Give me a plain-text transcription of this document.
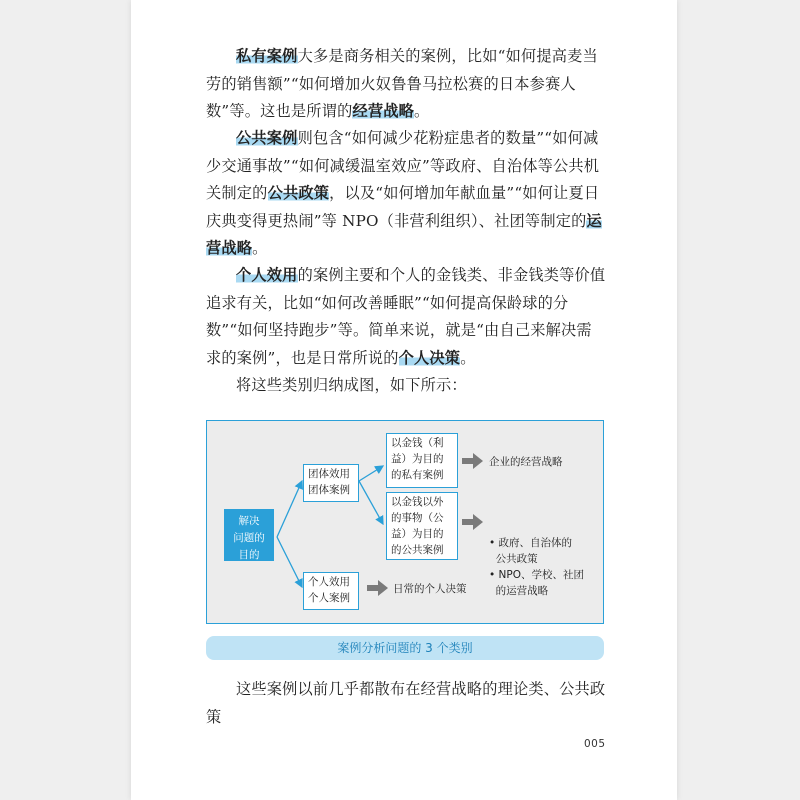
私有案例大多是商务相关的案例，比如“如何提高麦当劳的销售额”“如何增加火奴鲁鲁马拉松赛的日本参赛人数”等。这也是所谓的经营战略。

公共案例则包含“如何减少花粉症患者的数量”“如何减少交通事故”“如何减缓温室效应”等政府、自治体等公共机关制定的公共政策，以及“如何增加年献血量”“如何让夏日庆典变得更热闹”等 NPO（非营利组织）、社团等制定的运营战略。

个人效用的案例主要和个人的金钱类、非金钱类等价值追求有关，比如“如何改善睡眠”“如何提高保龄球的分数”“如何坚持跑步”等。简单来说，就是“由自己来解决需求的案例”，也是日常所说的个人决策。

将这些类别归纳成图，如下所示：

解决
问题的
目的
团体效用
团体案例
个人效用
个人案例
以金钱（利
益）为目的
的私有案例
以金钱以外
的事物（公
益）为目的
的公共案例
企业的经营战略

• 政府、自治体的
公共政策
• NPO、学校、社团
的运营战略

日常的个人决策
案例分析问题的 3 个类别

这些案例以前几乎都散布在经营战略的理论类、公共政策

005
